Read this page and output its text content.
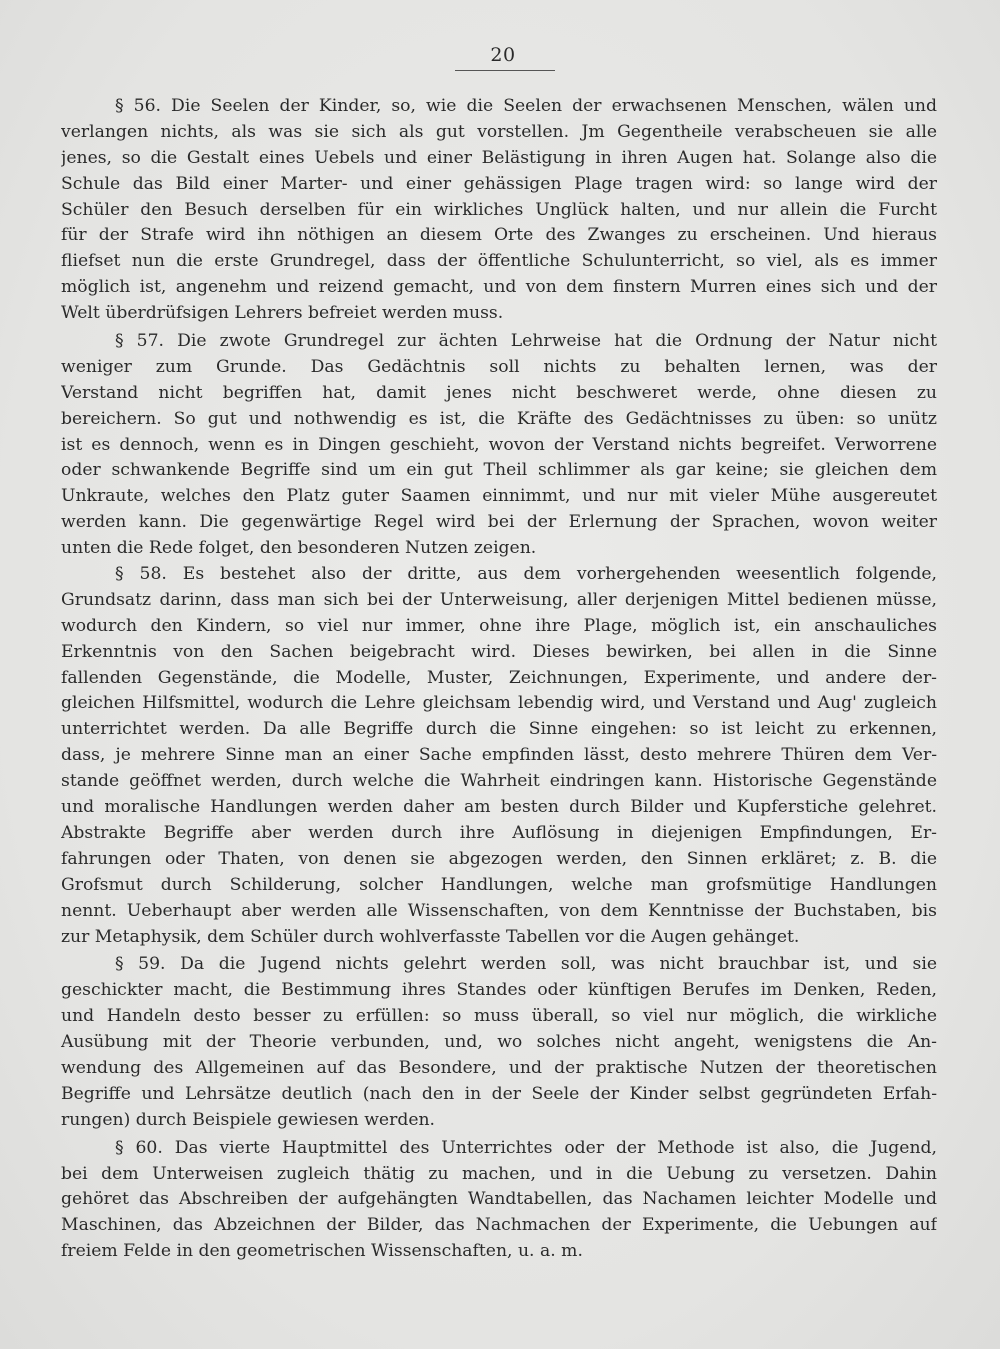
20
§ 56. Die Seelen der Kinder, so, wie die Seelen der erwachsenen Menschen, wälen und
verlangen nichts, als was sie sich als gut vorstellen. Jm Gegentheile verabscheuen sie alle
jenes, so die Gestalt eines Uebels und einer Belästigung in ihren Augen hat. Solange also die
Schule das Bild einer Marter- und einer gehässigen Plage tragen wird: so lange wird der
Schüler den Besuch derselben für ein wirkliches Unglück halten, und nur allein die Furcht
für der Strafe wird ihn nöthigen an diesem Orte des Zwanges zu erscheinen. Und hieraus
fliefset nun die erste Grundregel, dass der öffentliche Schulunterricht, so viel, als es immer
möglich ist, angenehm und reizend gemacht, und von dem finstern Murren eines sich und der
Welt überdrüfsigen Lehrers befreiet werden muss.
§ 57. Die zwote Grundregel zur ächten Lehrweise hat die Ordnung der Natur nicht
weniger zum Grunde. Das Gedächtnis soll nichts zu behalten lernen, was der
Verstand nicht begriffen hat, damit jenes nicht beschweret werde, ohne diesen zu
bereichern. So gut und nothwendig es ist, die Kräfte des Gedächtnisses zu üben: so unütz
ist es dennoch, wenn es in Dingen geschieht, wovon der Verstand nichts begreifet. Verworrene
oder schwankende Begriffe sind um ein gut Theil schlimmer als gar keine; sie gleichen dem
Unkraute, welches den Platz guter Saamen einnimmt, und nur mit vieler Mühe ausgereutet
werden kann. Die gegenwärtige Regel wird bei der Erlernung der Sprachen, wovon weiter
unten die Rede folget, den besonderen Nutzen zeigen.
§ 58. Es bestehet also der dritte, aus dem vorhergehenden weesentlich folgende,
Grundsatz darinn, dass man sich bei der Unterweisung, aller derjenigen Mittel bedienen müsse,
wodurch den Kindern, so viel nur immer, ohne ihre Plage, möglich ist, ein anschauliches
Erkenntnis von den Sachen beigebracht wird. Dieses bewirken, bei allen in die Sinne
fallenden Gegenstände, die Modelle, Muster, Zeichnungen, Experimente, und andere der-
gleichen Hilfsmittel, wodurch die Lehre gleichsam lebendig wird, und Verstand und Aug' zugleich
unterrichtet werden. Da alle Begriffe durch die Sinne eingehen: so ist leicht zu erkennen,
dass, je mehrere Sinne man an einer Sache empfinden lässt, desto mehrere Thüren dem Ver-
stande geöffnet werden, durch welche die Wahrheit eindringen kann. Historische Gegenstände
und moralische Handlungen werden daher am besten durch Bilder und Kupferstiche gelehret.
Abstrakte Begriffe aber werden durch ihre Auflösung in diejenigen Empfindungen, Er-
fahrungen oder Thaten, von denen sie abgezogen werden, den Sinnen erkläret; z. B. die
Grofsmut durch Schilderung, solcher Handlungen, welche man grofsmütige Handlungen
nennt. Ueberhaupt aber werden alle Wissenschaften, von dem Kenntnisse der Buchstaben, bis
zur Metaphysik, dem Schüler durch wohlverfasste Tabellen vor die Augen gehänget.
§ 59. Da die Jugend nichts gelehrt werden soll, was nicht brauchbar ist, und sie
geschickter macht, die Bestimmung ihres Standes oder künftigen Berufes im Denken, Reden,
und Handeln desto besser zu erfüllen: so muss überall, so viel nur möglich, die wirkliche
Ausübung mit der Theorie verbunden, und, wo solches nicht angeht, wenigstens die An-
wendung des Allgemeinen auf das Besondere, und der praktische Nutzen der theoretischen
Begriffe und Lehrsätze deutlich (nach den in der Seele der Kinder selbst gegründeten Erfah-
rungen) durch Beispiele gewiesen werden.
§ 60. Das vierte Hauptmittel des Unterrichtes oder der Methode ist also, die Jugend,
bei dem Unterweisen zugleich thätig zu machen, und in die Uebung zu versetzen. Dahin
gehöret das Abschreiben der aufgehängten Wandtabellen, das Nachamen leichter Modelle und
Maschinen, das Abzeichnen der Bilder, das Nachmachen der Experimente, die Uebungen auf
freiem Felde in den geometrischen Wissenschaften, u. a. m.
